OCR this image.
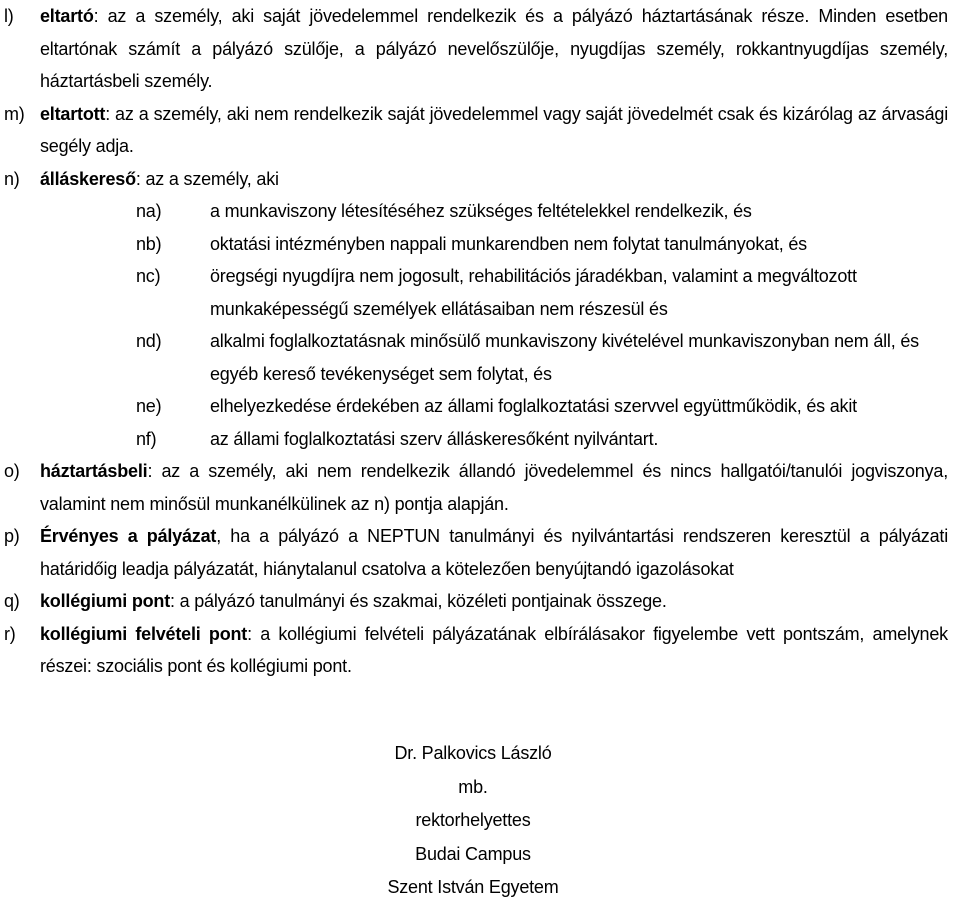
l) eltartó: az a személy, aki saját jövedelemmel rendelkezik és a pályázó háztartásának része. Minden esetben eltartónak számít a pályázó szülője, a pályázó nevelőszülője, nyugdíjas személy, rokkantnyugdíjas személy, háztartásbeli személy.
m) eltartott: az a személy, aki nem rendelkezik saját jövedelemmel vagy saját jövedelmét csak és kizárólag az árvasági segély adja.
n) álláskereső: az a személy, aki
na)	a munkaviszony létesítéséhez szükséges feltételekkel rendelkezik, és
nb)	oktatási intézményben nappali munkarendben nem folytat tanulmányokat, és
nc)	öregségi nyugdíjra nem jogosult, rehabilitációs járadékban, valamint a megváltozott munkaképességű személyek ellátásaiban nem részesül és
nd)	alkalmi foglalkoztatásnak minősülő munkaviszony kivételével munkaviszonyban nem áll, és egyéb kereső tevékenységet sem folytat, és
ne)	elhelyezkedése érdekében az állami foglalkoztatási szervvel együttműködik, és akit
nf)	az állami foglalkoztatási szerv álláskeresőként nyilvántart.
o) háztartásbeli: az a személy, aki nem rendelkezik állandó jövedelemmel és nincs hallgatói/tanulói jogviszonya, valamint nem minősül munkanélkülinek az n) pontja alapján.
p) Érvényes a pályázat, ha a pályázó a NEPTUN tanulmányi és nyilvántartási rendszeren keresztül a pályázati határidőig leadja pályázatát, hiánytalanul csatolva a kötelezően benyújtandó igazolásokat
q) kollégiumi pont: a pályázó tanulmányi és szakmai, közéleti pontjainak összege.
r) kollégiumi felvételi pont: a kollégiumi felvételi pályázatának elbírálásakor figyelembe vett pontszám, amelynek részei: szociális pont és kollégiumi pont.
Dr. Palkovics László
mb.
rektorhelyettes
Budai Campus
Szent István Egyetem
